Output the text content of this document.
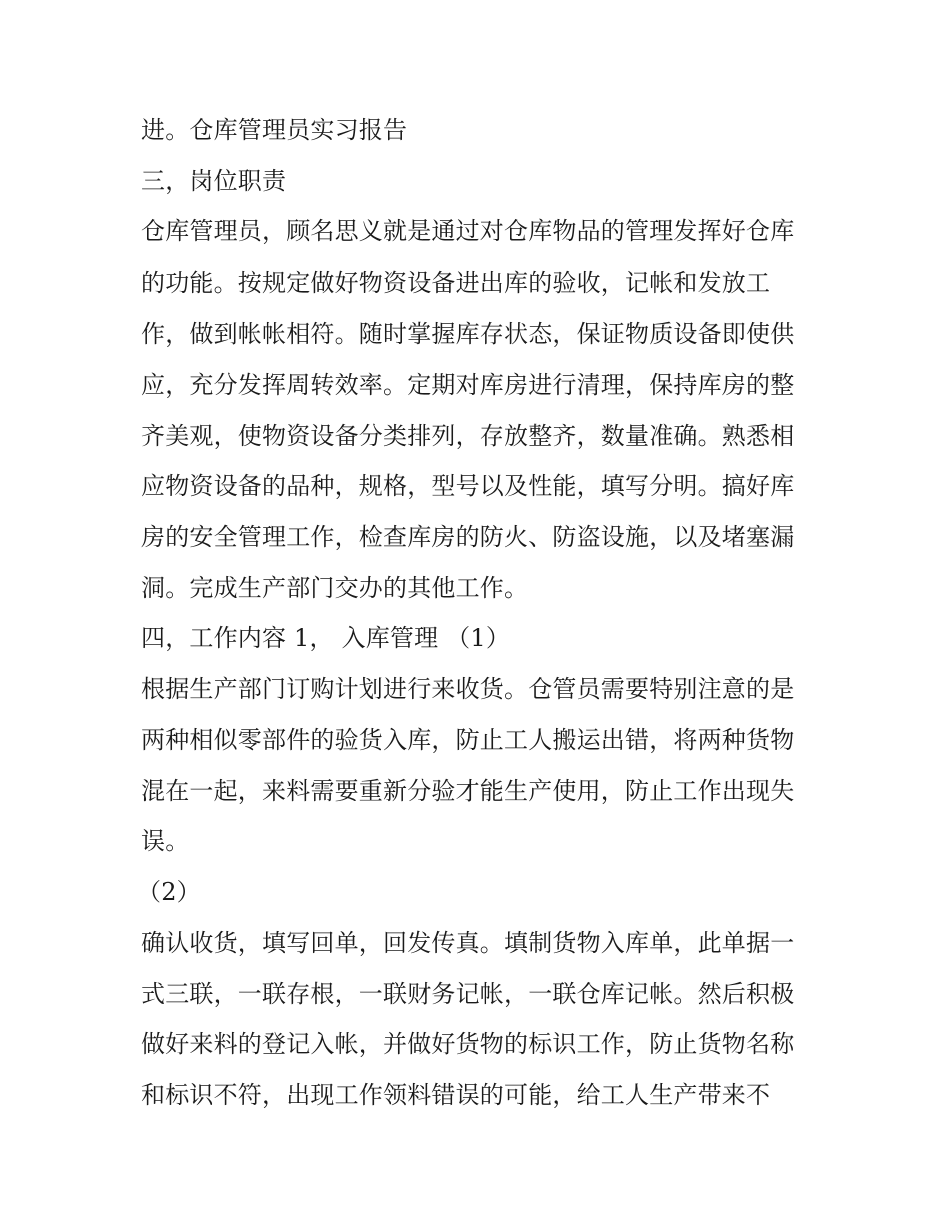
进。仓库管理员实习报告
三，岗位职责
仓库管理员，顾名思义就是通过对仓库物品的管理发挥好仓库
的功能。按规定做好物资设备进出库的验收，记帐和发放工
作，做到帐帐相符。随时掌握库存状态，保证物质设备即使供
应，充分发挥周转效率。定期对库房进行清理，保持库房的整
齐美观，使物资设备分类排列，存放整齐，数量准确。熟悉相
应物资设备的品种，规格，型号以及性能，填写分明。搞好库
房的安全管理工作，检查库房的防火、防盗设施，以及堵塞漏
洞。完成生产部门交办的其他工作。
四，工作内容 1， 入库管理 （1）
根据生产部门订购计划进行来收货。仓管员需要特别注意的是
两种相似零部件的验货入库，防止工人搬运出错，将两种货物
混在一起，来料需要重新分验才能生产使用，防止工作出现失
误。
（2）
确认收货，填写回单，回发传真。填制货物入库单，此单据一
式三联，一联存根，一联财务记帐，一联仓库记帐。然后积极
做好来料的登记入帐，并做好货物的标识工作，防止货物名称
和标识不符，出现工作领料错误的可能，给工人生产带来不
